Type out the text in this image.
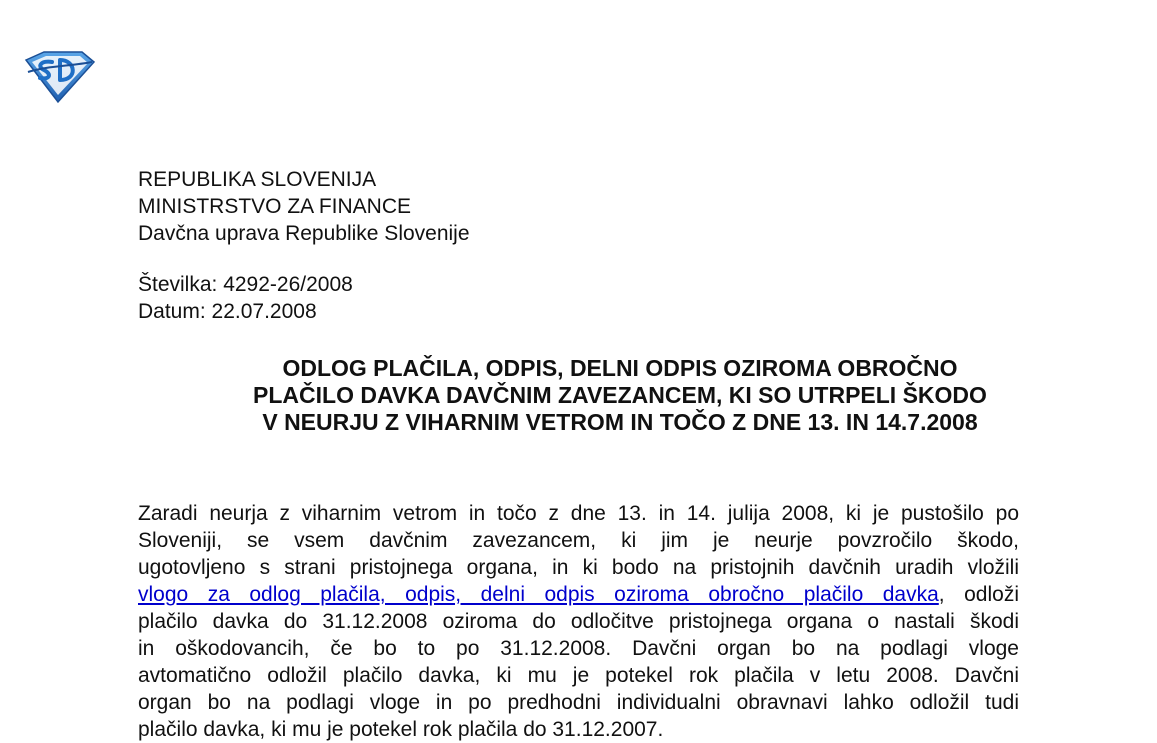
REPUBLIKA SLOVENIJA
MINISTRSTVO ZA FINANCE
Davčna uprava Republike Slovenije
Številka: 4292-26/2008
Datum: 22.07.2008
ODLOG PLAČILA, ODPIS, DELNI ODPIS OZIROMA OBROČNO
PLAČILO DAVKA DAVČNIM ZAVEZANCEM, KI SO UTRPELI ŠKODO
V NEURJU Z VIHARNIM VETROM IN TOČO Z DNE 13. IN 14.7.2008
Zaradi neurja z viharnim vetrom in točo z dne 13. in 14. julija 2008, ki je pustošilo po
Sloveniji, se vsem davčnim zavezancem, ki jim je neurje povzročilo škodo,
ugotovljeno s strani pristojnega organa, in ki bodo na pristojnih davčnih uradih vložili
vlogo za odlog plačila, odpis, delni odpis oziroma obročno plačilo davka, odloži
plačilo davka do 31.12.2008 oziroma do odločitve pristojnega organa o nastali škodi
in oškodovancih, če bo to po 31.12.2008. Davčni organ bo na podlagi vloge
avtomatično odložil plačilo davka, ki mu je potekel rok plačila v letu 2008. Davčni
organ bo na podlagi vloge in po predhodni individualni obravnavi lahko odložil tudi
plačilo davka, ki mu je potekel rok plačila do 31.12.2007.
